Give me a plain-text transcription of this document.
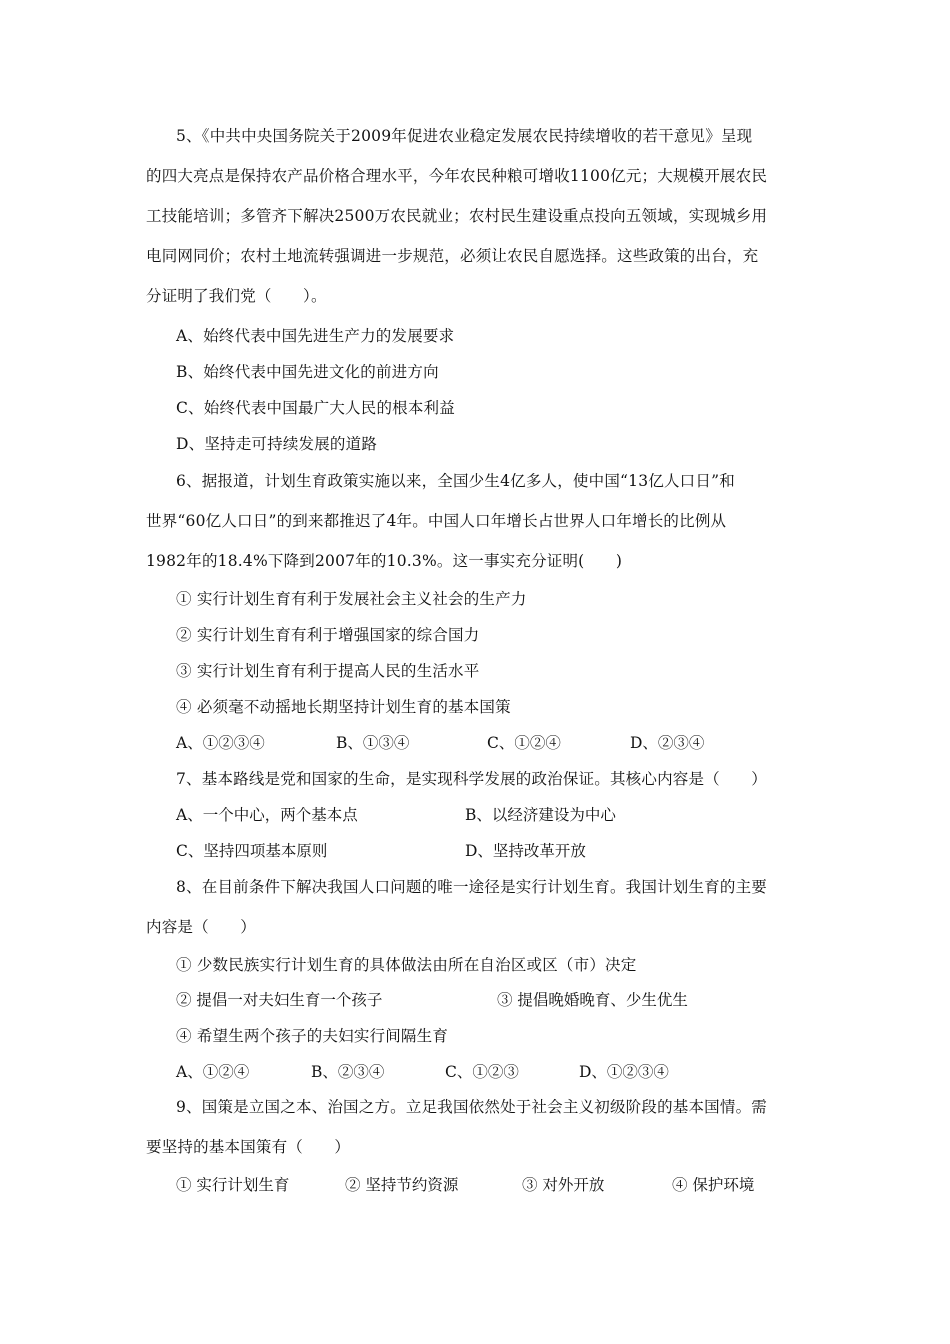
5、《中共中央国务院关于2009年促进农业稳定发展农民持续增收的若干意见》呈现
的四大亮点是保持农产品价格合理水平，今年农民种粮可增收1100亿元；大规模开展农民
工技能培训；多管齐下解决2500万农民就业；农村民生建设重点投向五领域，实现城乡用
电同网同价；农村土地流转强调进一步规范，必须让农民自愿选择。这些政策的出台，充
分证明了我们党（　　）。
A、始终代表中国先进生产力的发展要求
B、始终代表中国先进文化的前进方向
C、始终代表中国最广大人民的根本利益
D、坚持走可持续发展的道路
6、据报道，计划生育政策实施以来，全国少生4亿多人，使中国“13亿人口日”和
世界“60亿人口日”的到来都推迟了4年。中国人口年增长占世界人口年增长的比例从
1982年的18.4%下降到2007年的10.3%。这一事实充分证明(　　)
① 实行计划生育有利于发展社会主义社会的生产力
② 实行计划生育有利于增强国家的综合国力
③ 实行计划生育有利于提高人民的生活水平
④ 必须毫不动摇地长期坚持计划生育的基本国策
A、①②③④	B、①③④	C、①②④	D、②③④
7、基本路线是党和国家的生命，是实现科学发展的政治保证。其核心内容是（　　）
A、一个中心，两个基本点	B、以经济建设为中心
C、坚持四项基本原则	D、坚持改革开放
8、在目前条件下解决我国人口问题的唯一途径是实行计划生育。我国计划生育的主要
内容是（　　）
① 少数民族实行计划生育的具体做法由所在自治区或区（市）决定
② 提倡一对夫妇生育一个孩子	③ 提倡晚婚晚育、少生优生
④ 希望生两个孩子的夫妇实行间隔生育
A、①②④	B、②③④	C、①②③	D、①②③④
9、国策是立国之本、治国之方。立足我国依然处于社会主义初级阶段的基本国情。需
要坚持的基本国策有（　　）
① 实行计划生育	② 坚持节约资源	③ 对外开放	④ 保护环境
